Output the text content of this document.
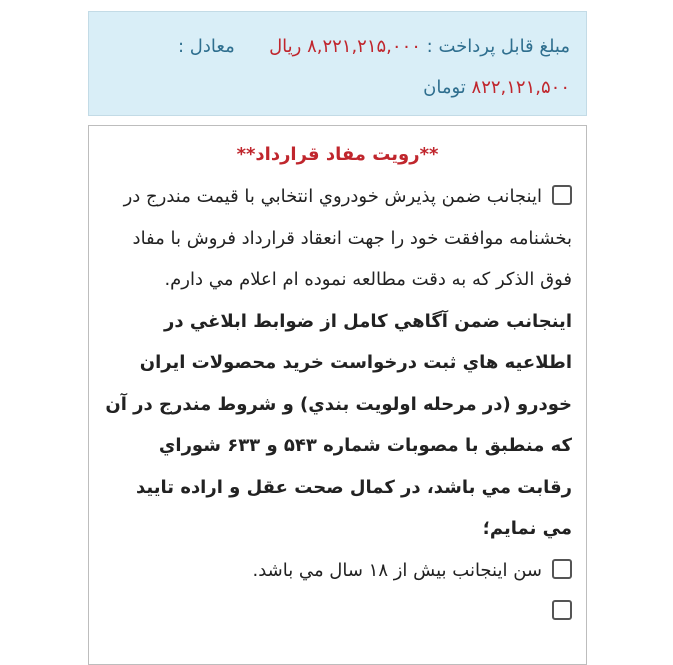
مبلغ قابل پرداخت : ۸,۲۲۱,۲۱۵,۰۰۰ ريال      معادل :
۸۲۲,۱۲۱,۵۰۰ تومان
**رويت مفاد قرارداد**

اينجانب ضمن پذيرش خودروي انتخابي با قيمت مندرج در بخشنامه موافقت خود را جهت انعقاد قرارداد فروش با مفاد فوق الذكر كه به دقت مطالعه نموده ام اعلام مي دارم.

اينجانب ضمن آگاهي كامل از ضوابط ابلاغي در اطلاعيه هاي ثبت درخواست خريد محصولات ايران خودرو (در مرحله اولويت بندي) و شروط مندرج در آن كه منطبق با مصوبات شماره ۵۴۳ و ۶۳۳ شوراي رقابت مي باشد، در كمال صحت عقل و اراده تاييد مي نمايم؛

سن اينجانب بيش از ۱۸ سال مي باشد.
